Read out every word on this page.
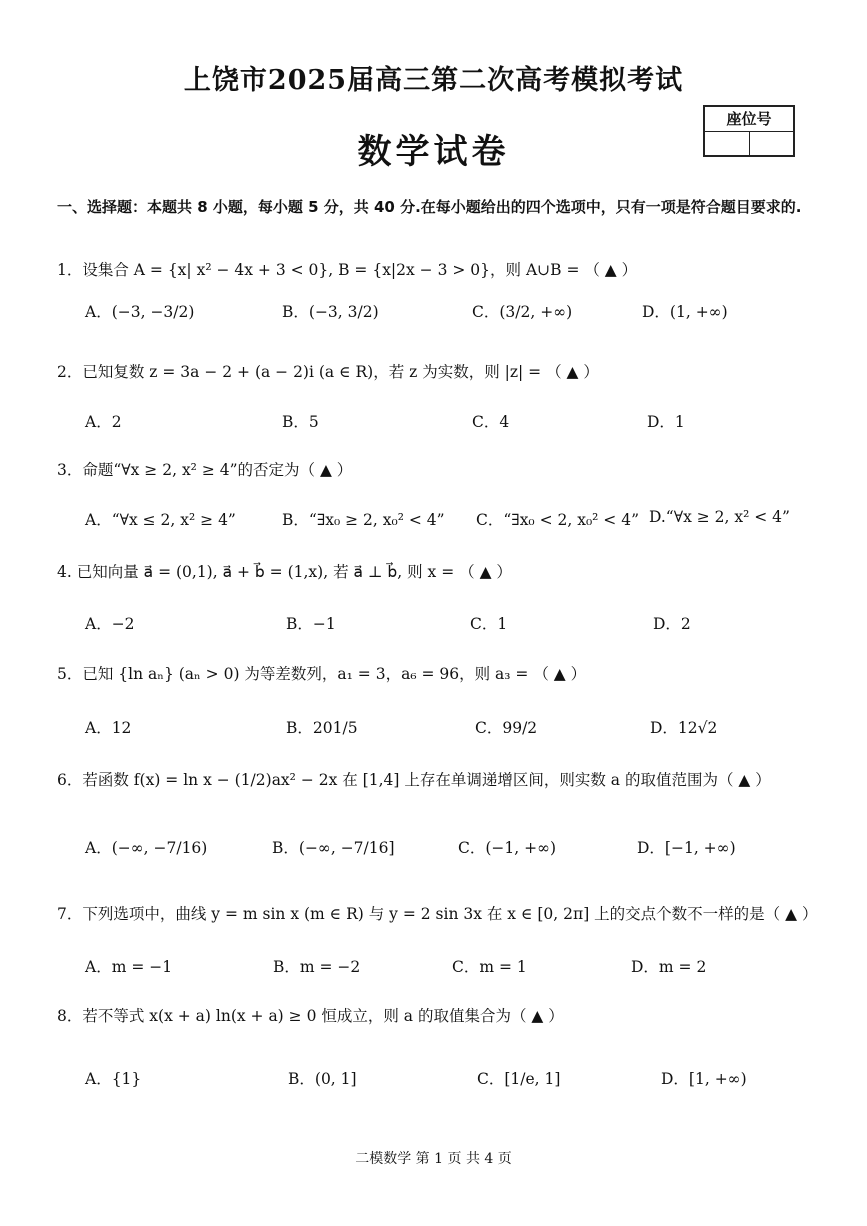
上饶市2025届高三第二次高考模拟考试
数学试卷
座位号
一、选择题：本题共 8 小题，每小题 5 分，共 40 分.在每小题给出的四个选项中，只有一项是符合题目要求的.
1．设集合 A = {x| x² − 4x + 3 < 0}, B = {x|2x − 3 > 0}，则 A∪B = （ ▲ ）
A．(−3, −3/2)	B．(−3, 3/2)	C．(3/2, +∞)	D．(1, +∞)
2．已知复数 z = 3a − 2 + (a − 2)i (a ∈ R)，若 z 为实数，则 |z| = （ ▲ ）
A．2	B．5	C．4	D．1
3．命题“∀x ≥ 2, x² ≥ 4”的否定为（ ▲ ）
A．“∀x ≤ 2, x² ≥ 4”	B．“∃x₀ ≥ 2, x₀² < 4” C．“∃x₀ < 2, x₀² < 4” D.“∀x ≥ 2, x² < 4”
4. 已知向量 a⃗ = (0,1), a⃗ + b⃗ = (1,x), 若 a⃗ ⊥ b⃗, 则 x = （ ▲ ）
A．−2	B．−1	C．1	D．2
5．已知 {ln aₙ} (aₙ > 0) 为等差数列，a₁ = 3，a₆ = 96，则 a₃ = （ ▲ ）
A．12	B．201/5	C．99/2	D．12√2
6．若函数 f(x) = ln x − (1/2)ax² − 2x 在 [1,4] 上存在单调递增区间，则实数 a 的取值范围为（ ▲ ）
A．(−∞, −7/16)	B．(−∞, −7/16]	C．(−1, +∞)	D．[−1, +∞)
7．下列选项中，曲线 y = m sin x (m ∈ R) 与 y = 2 sin 3x 在 x ∈ [0, 2π] 上的交点个数不一样的是（ ▲ ）
A．m = −1	B．m = −2	C．m = 1	D．m = 2
8．若不等式 x(x + a) ln(x + a) ≥ 0 恒成立，则 a 的取值集合为（ ▲ ）
A．{1}	B．(0, 1]	C．[1/e, 1]	D．[1, +∞)
二模数学 第 1 页 共 4 页
